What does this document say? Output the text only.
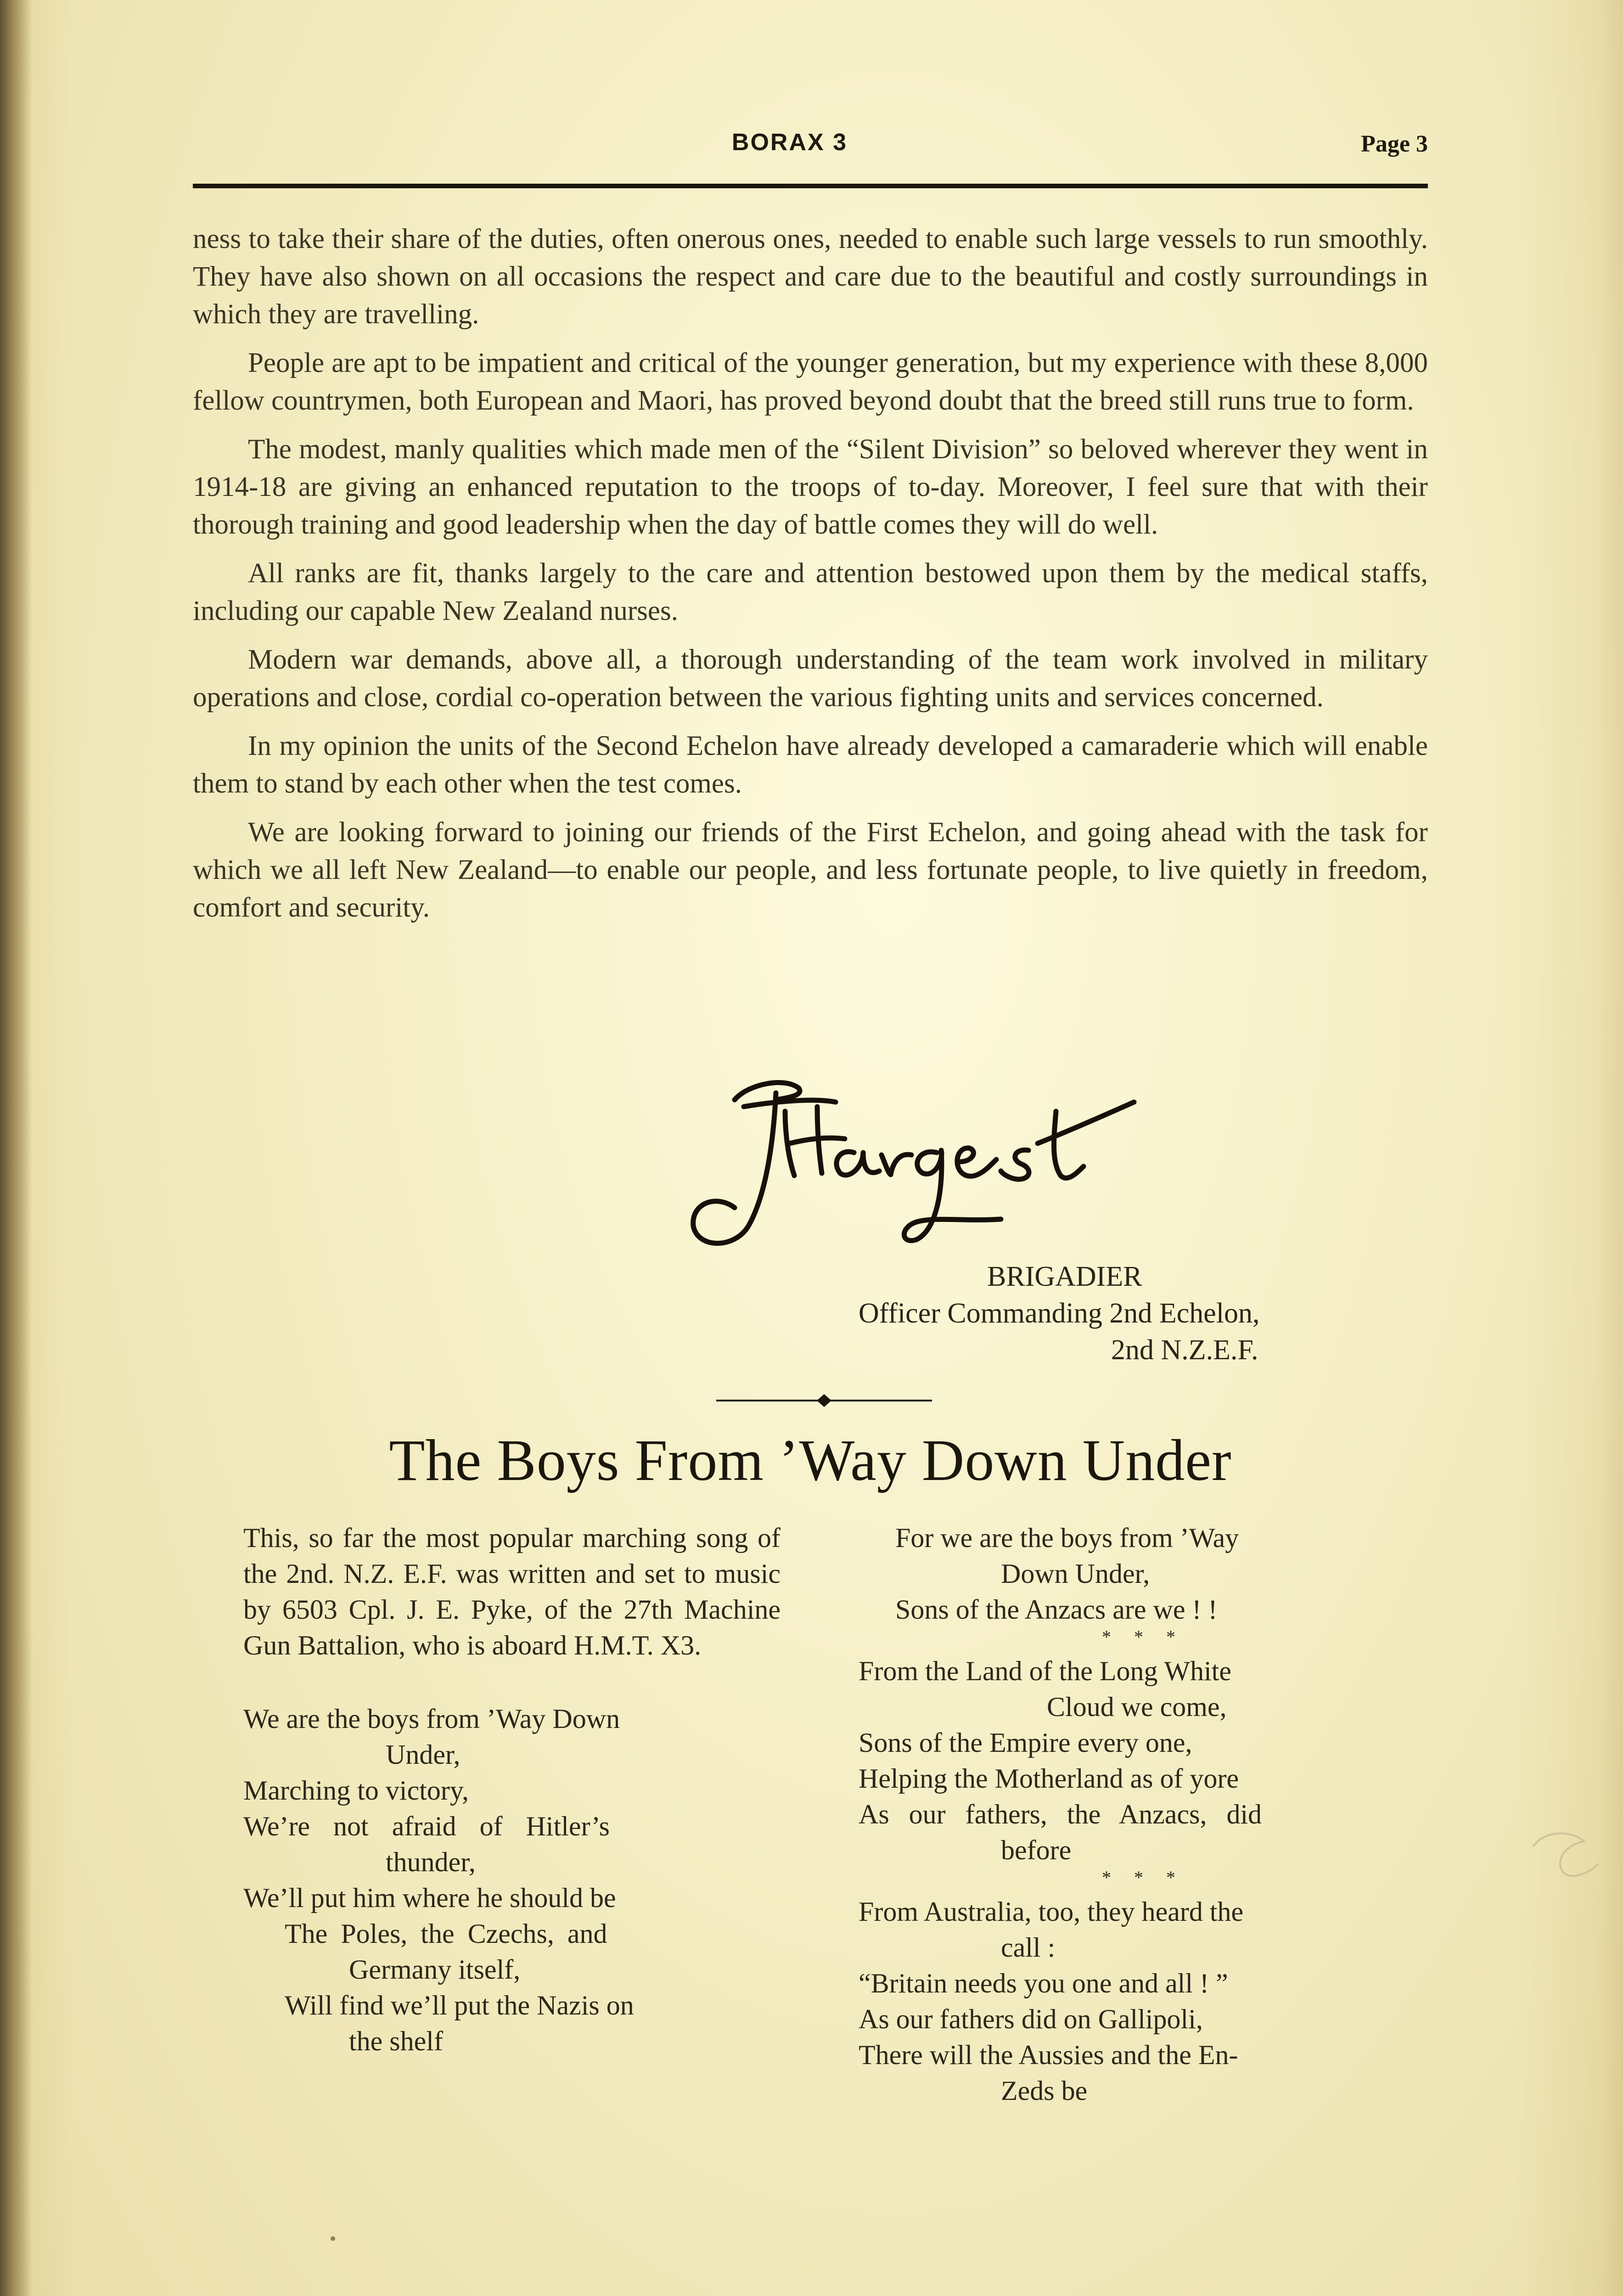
BORAX 3	Page 3

ness to take their share of the duties, often onerous ones, needed to enable such large vessels to run smoothly. They have also shown on all occasions the respect and care due to the beautiful and costly surroundings in which they are travelling.

People are apt to be impatient and critical of the younger generation, but my experience with these 8,000 fellow countrymen, both European and Maori, has proved beyond doubt that the breed still runs true to form.

The modest, manly qualities which made men of the “Silent Division” so beloved wherever they went in 1914-18 are giving an enhanced reputation to the troops of to-day. Moreover, I feel sure that with their thorough training and good leadership when the day of battle comes they will do well.

All ranks are fit, thanks largely to the care and attention bestowed upon them by the medical staffs, including our capable New Zealand nurses.

Modern war demands, above all, a thorough understanding of the team work involved in military operations and close, cordial co-operation between the various fighting units and services concerned.

In my opinion the units of the Second Echelon have already developed a camaraderie which will enable them to stand by each other when the test comes.

We are looking forward to joining our friends of the First Echelon, and going ahead with the task for which we all left New Zealand—to enable our people, and less fortunate people, to live quietly in freedom, comfort and security.

BRIGADIER
Officer Commanding 2nd Echelon,
2nd N.Z.E.F.
The Boys From ’Way Down Under
This, so far the most popular marching song of the 2nd. N.Z. E.F. was written and set to music by 6503 Cpl. J. E. Pyke, of the 27th Machine Gun Battalion, who is aboard H.M.T. X3.
We are the boys from ’Way Down
Under,
Marching to victory,
We’re not afraid of Hitler’s
thunder,
We’ll put him where he should be
The Poles, the Czechs, and
Germany itself,
Will find we’ll put the Nazis on
the shelf
For we are the boys from ’Way
Down Under,
Sons of the Anzacs are we ! !
* * *
From the Land of the Long White
Cloud we come,
Sons of the Empire every one,
Helping the Motherland as of yore
As our fathers, the Anzacs, did
before
* * *
From Australia, too, they heard the
call :
“Britain needs you one and all ! ”
As our fathers did on Gallipoli,
There will the Aussies and the En-
Zeds be
